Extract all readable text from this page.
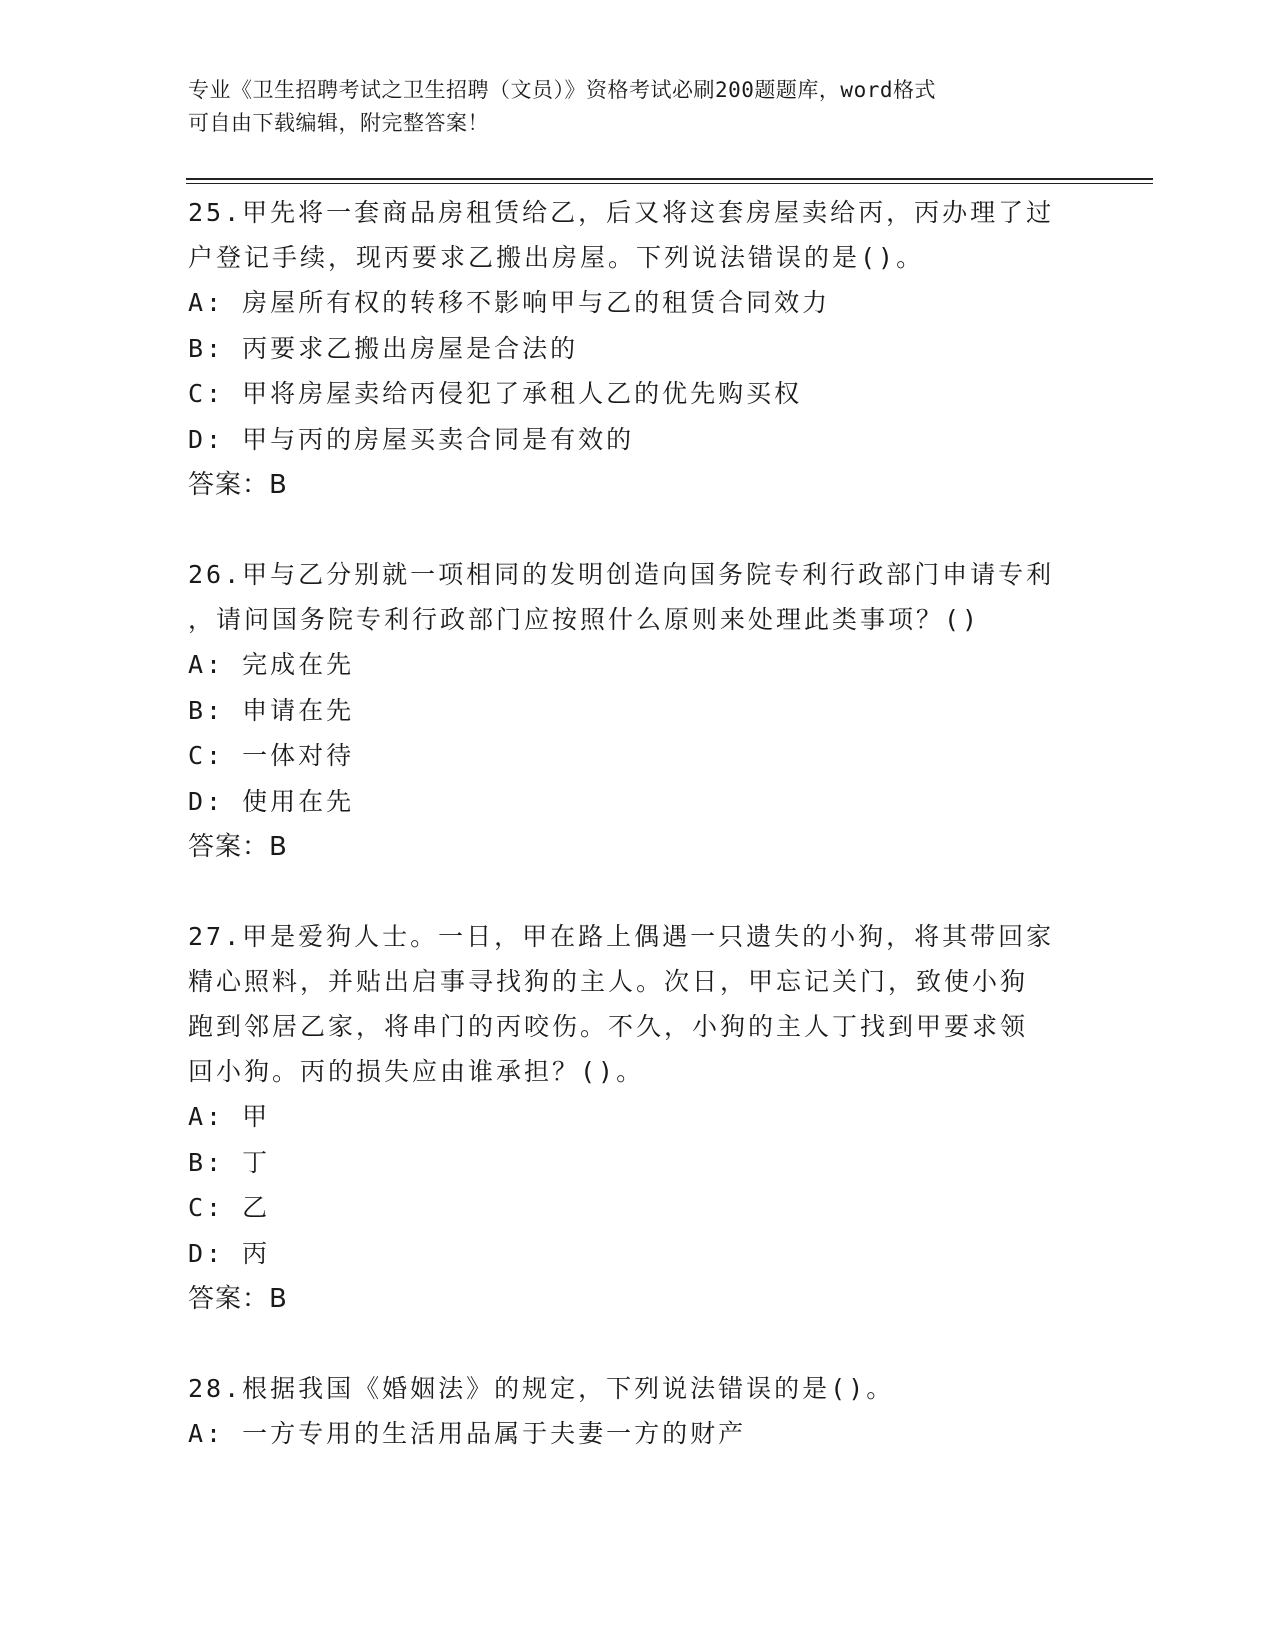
专业《卫生招聘考试之卫生招聘（文员）》资格考试必刷200题题库，word格式
可自由下载编辑，附完整答案！
25.甲先将一套商品房租赁给乙，后又将这套房屋卖给丙，丙办理了过
户登记手续，现丙要求乙搬出房屋。下列说法错误的是()。
A: 房屋所有权的转移不影响甲与乙的租赁合同效力
B: 丙要求乙搬出房屋是合法的
C: 甲将房屋卖给丙侵犯了承租人乙的优先购买权
D: 甲与丙的房屋买卖合同是有效的
答案：B
26.甲与乙分别就一项相同的发明创造向国务院专利行政部门申请专利
，请问国务院专利行政部门应按照什么原则来处理此类事项？()
A: 完成在先
B: 申请在先
C: 一体对待
D: 使用在先
答案：B
27.甲是爱狗人士。一日，甲在路上偶遇一只遗失的小狗，将其带回家
精心照料，并贴出启事寻找狗的主人。次日，甲忘记关门，致使小狗
跑到邻居乙家，将串门的丙咬伤。不久，小狗的主人丁找到甲要求领
回小狗。丙的损失应由谁承担？()。
A: 甲
B: 丁
C: 乙
D: 丙
答案：B
28.根据我国《婚姻法》的规定，下列说法错误的是()。
A: 一方专用的生活用品属于夫妻一方的财产
